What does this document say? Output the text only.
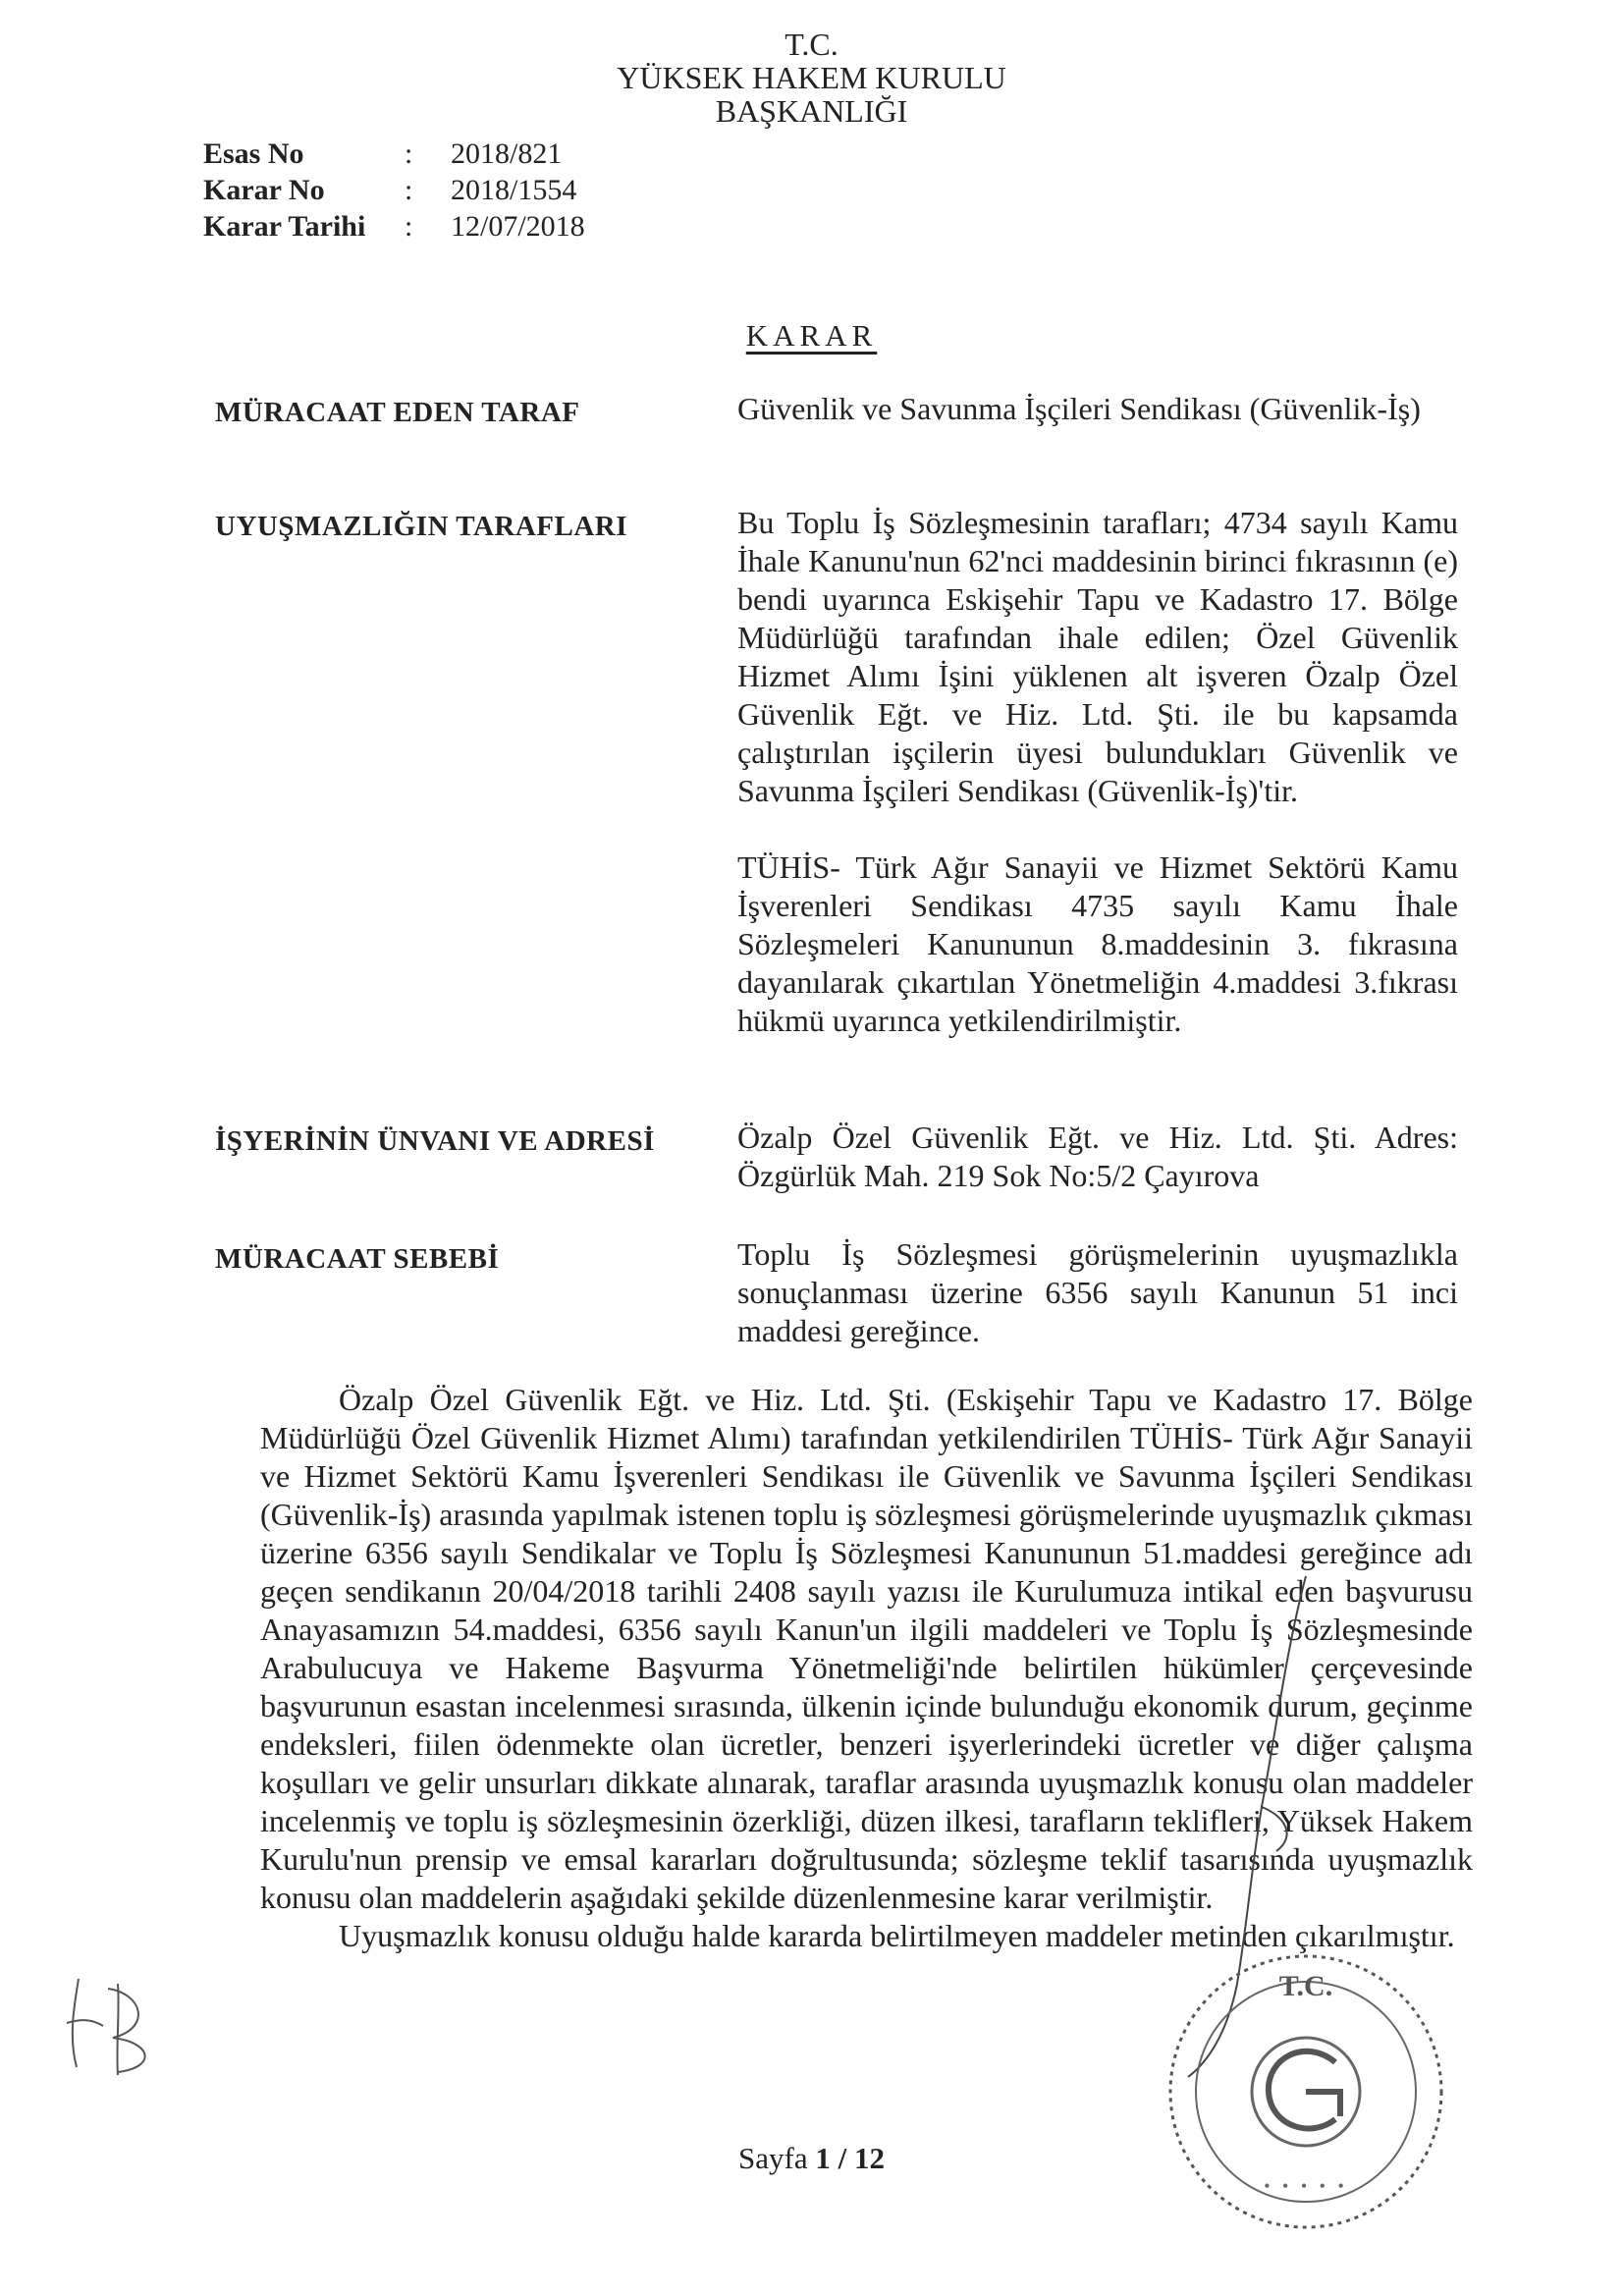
T.C.
YÜKSEK HAKEM KURULU
BAŞKANLIĞI
Esas No	:	2018/821
Karar No	:	2018/1554
Karar Tarihi	:	12/07/2018
KARAR
MÜRACAAT EDEN TARAF	Güvenlik ve Savunma İşçileri Sendikası (Güvenlik-İş)

UYUŞMAZLIĞIN TARAFLARI	Bu Toplu İş Sözleşmesinin tarafları; 4734 sayılı Kamu İhale Kanunu'nun 62'nci maddesinin birinci fıkrasının (e) bendi uyarınca Eskişehir Tapu ve Kadastro 17. Bölge Müdürlüğü tarafından ihale edilen; Özel Güvenlik Hizmet Alımı İşini yüklenen alt işveren Özalp Özel Güvenlik Eğt. ve Hiz. Ltd. Şti. ile bu kapsamda çalıştırılan işçilerin üyesi bulundukları Güvenlik ve Savunma İşçileri Sendikası (Güvenlik-İş)'tir.

TÜHİS- Türk Ağır Sanayii ve Hizmet Sektörü Kamu İşverenleri Sendikası 4735 sayılı Kamu İhale Sözleşmeleri Kanununun 8.maddesinin 3. fıkrasına dayanılarak çıkartılan Yönetmeliğin 4.maddesi 3.fıkrası hükmü uyarınca yetkilendirilmiştir.

İŞYERİNİN ÜNVANI VE ADRESİ	Özalp Özel Güvenlik Eğt. ve Hiz. Ltd. Şti. Adres: Özgürlük Mah. 219 Sok No:5/2 Çayırova

MÜRACAAT SEBEBİ	Toplu İş Sözleşmesi görüşmelerinin uyuşmazlıkla sonuçlanması üzerine 6356 sayılı Kanunun 51 inci maddesi gereğince.

Özalp Özel Güvenlik Eğt. ve Hiz. Ltd. Şti. (Eskişehir Tapu ve Kadastro 17. Bölge Müdürlüğü Özel Güvenlik Hizmet Alımı) tarafından yetkilendirilen TÜHİS- Türk Ağır Sanayii ve Hizmet Sektörü Kamu İşverenleri Sendikası ile Güvenlik ve Savunma İşçileri Sendikası (Güvenlik-İş) arasında yapılmak istenen toplu iş sözleşmesi görüşmelerinde uyuşmazlık çıkması üzerine 6356 sayılı Sendikalar ve Toplu İş Sözleşmesi Kanununun 51.maddesi gereğince adı geçen sendikanın 20/04/2018 tarihli 2408 sayılı yazısı ile Kurulumuza intikal eden başvurusu Anayasamızın 54.maddesi, 6356 sayılı Kanun'un ilgili maddeleri ve Toplu İş Sözleşmesinde Arabulucuya ve Hakeme Başvurma Yönetmeliği'nde belirtilen hükümler çerçevesinde başvurunun esastan incelenmesi sırasında, ülkenin içinde bulunduğu ekonomik durum, geçinme endeksleri, fiilen ödenmekte olan ücretler, benzeri işyerlerindeki ücretler ve diğer çalışma koşulları ve gelir unsurları dikkate alınarak, taraflar arasında uyuşmazlık konusu olan maddeler incelenmiş ve toplu iş sözleşmesinin özerkliği, düzen ilkesi, tarafların teklifleri, Yüksek Hakem Kurulu'nun prensip ve emsal kararları doğrultusunda; sözleşme teklif tasarısında uyuşmazlık konusu olan maddelerin aşağıdaki şekilde düzenlenmesine karar verilmiştir.

Uyuşmazlık konusu olduğu halde kararda belirtilmeyen maddeler metinden çıkarılmıştır.

T.C.
• • • • •
Sayfa 1 / 12
